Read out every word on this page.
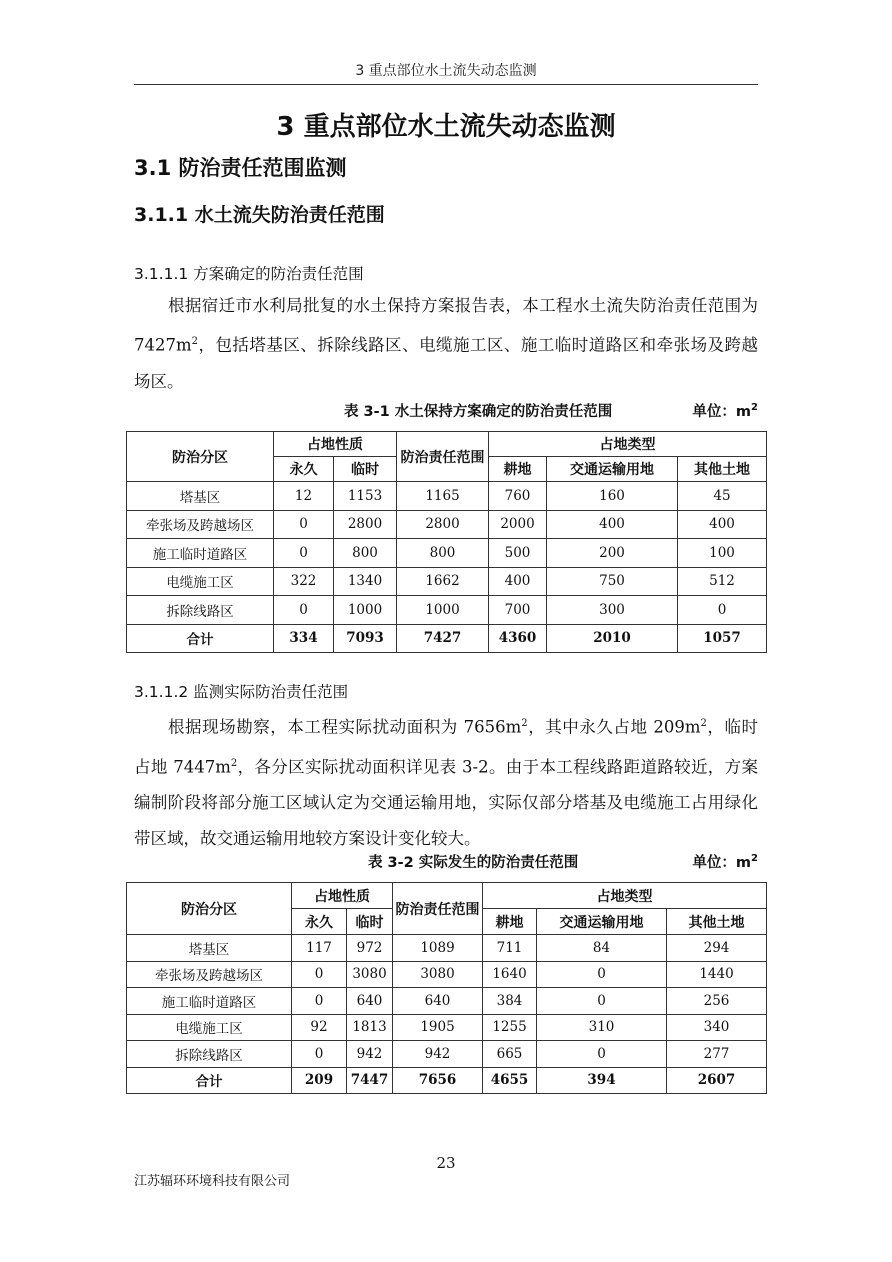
3 重点部位水土流失动态监测
3 重点部位水土流失动态监测
3.1 防治责任范围监测
3.1.1 水土流失防治责任范围
3.1.1.1 方案确定的防治责任范围
根据宿迁市水利局批复的水土保持方案报告表，本工程水土流失防治责任范围为 $7427m^2$，包括塔基区、拆除线路区、电缆施工区、施工临时道路区和牵张场及跨越场区。
表 3-1 水土保持方案确定的防治责任范围	单位：$m^2$
防治分区	占地性质		防治责任范围	占地类型		
	永久	临时		耕地	交通运输用地	其他土地
塔基区	12	1153	1165	760	160	45
牵张场及跨越场区	0	2800	2800	2000	400	400
施工临时道路区	0	800	800	500	200	100
电缆施工区	322	1340	1662	400	750	512
拆除线路区	0	1000	1000	700	300	0
合计	334	7093	7427	4360	2010	1057
3.1.1.2 监测实际防治责任范围
根据现场勘察，本工程实际扰动面积为 $7656m^2$，其中永久占地 $209m^2$，临时占地 $7447m^2$，各分区实际扰动面积详见表 3-2。由于本工程线路距道路较近，方案编制阶段将部分施工区域认定为交通运输用地，实际仅部分塔基及电缆施工占用绿化带区域，故交通运输用地较方案设计变化较大。
表 3-2 实际发生的防治责任范围	单位：$m^2$
防治分区	占地性质		防治责任范围	占地类型		
	永久	临时		耕地	交通运输用地	其他土地
塔基区	117	972	1089	711	84	294
牵张场及跨越场区	0	3080	3080	1640	0	1440
施工临时道路区	0	640	640	384	0	256
电缆施工区	92	1813	1905	1255	310	340
拆除线路区	0	942	942	665	0	277
合计	209	7447	7656	4655	394	2607
23
江苏辐环环境科技有限公司
